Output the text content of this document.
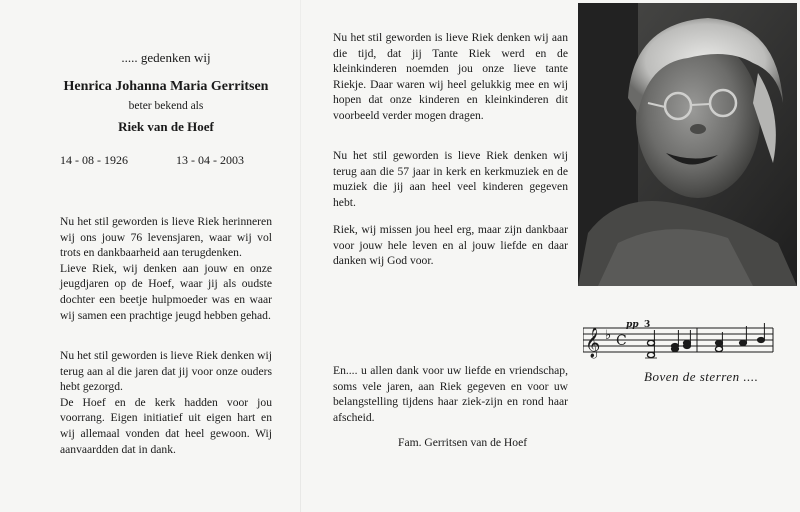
..... gedenken wij
Henrica Johanna Maria Gerritsen
beter bekend als
Riek van de Hoef
14 - 08 - 1926	13 - 04 - 2003

Nu het stil geworden is lieve Riek herinneren wij ons jouw 76 levensjaren, waar wij vol trots en dankbaarheid aan terugdenken.

Lieve Riek, wij denken aan jouw en onze jeugdjaren op de Hoef, waar jij als oudste dochter een beetje hulpmoeder was en waar wij samen een prachtige jeugd hebben gehad.

Nu het stil geworden is lieve Riek denken wij terug aan al die jaren dat jij voor onze ouders hebt gezorgd.

De Hoef en de kerk hadden voor jou voorrang. Eigen initiatief uit eigen hart en wij allemaal vonden dat heel gewoon. Wij aanvaardden dat in dank.

Nu het stil geworden is lieve Riek denken wij aan die tijd, dat jij Tante Riek werd en de kleinkinderen noemden jou onze lieve tante Riekje. Daar waren wij heel gelukkig mee en wij hopen dat onze kinderen en kleinkinderen dit voorbeeld verder mogen dragen.
Nu het stil geworden is lieve Riek denken wij terug aan die 57 jaar in kerk en kerkmuziek en de muziek die jij aan heel veel kinderen gegeven hebt.
Riek, wij missen jou heel erg, maar zijn dankbaar voor jouw hele leven en al jouw liefde en daar danken wij God voor.
En.... u allen dank voor uw liefde en vriendschap, soms vele jaren, aan Riek gegeven en voor uw belangstelling tijdens haar ziek-zijn en rond haar afscheid.
Fam. Gerritsen van de Hoef
𝄞 ♭ C
pp 3
Boven de sterren ....
